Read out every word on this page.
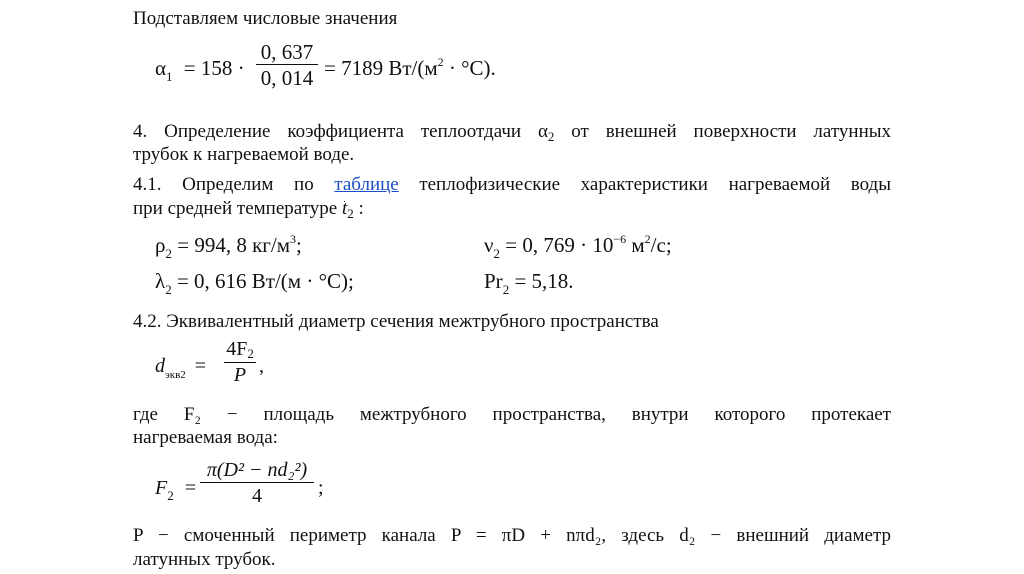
Подставляем числовые значения
$\alpha_1 = 158$ ·
0, 637
0, 014 = 7189 $Вт/(м^2 \cdot ^\circ С)$.
4. Определение коэффициента теплоотдачи $\alpha_2$ от внешней поверхности латунных
трубок к нагреваемой воде.
4.1. Определим по таблице теплофизические характеристики нагреваемой воды
при средней температуре $t_2$ :
$\rho_2 = 994$, 8 $кг/м^3$;	$\nu_2 = 0$, $769 \cdot 10^{-6}$ $м^2/с$;
$\lambda_2 = 0$, 616 Вт/(м · °С);	$Pr_2 = 5,18$.
4.2. Эквивалентный диаметр сечения межтрубного пространства
$d_{экв2}$ =
4F2
P ,
где F₂ − площадь межтрубного пространства, внутри которого протекает
нагреваемая вода:
$F_2$ =
π(D² − nd₂²)
4	;
P − смоченный периметр канала P = πD + nπd₂, здесь d₂ − внешний диаметр
латунных трубок.
